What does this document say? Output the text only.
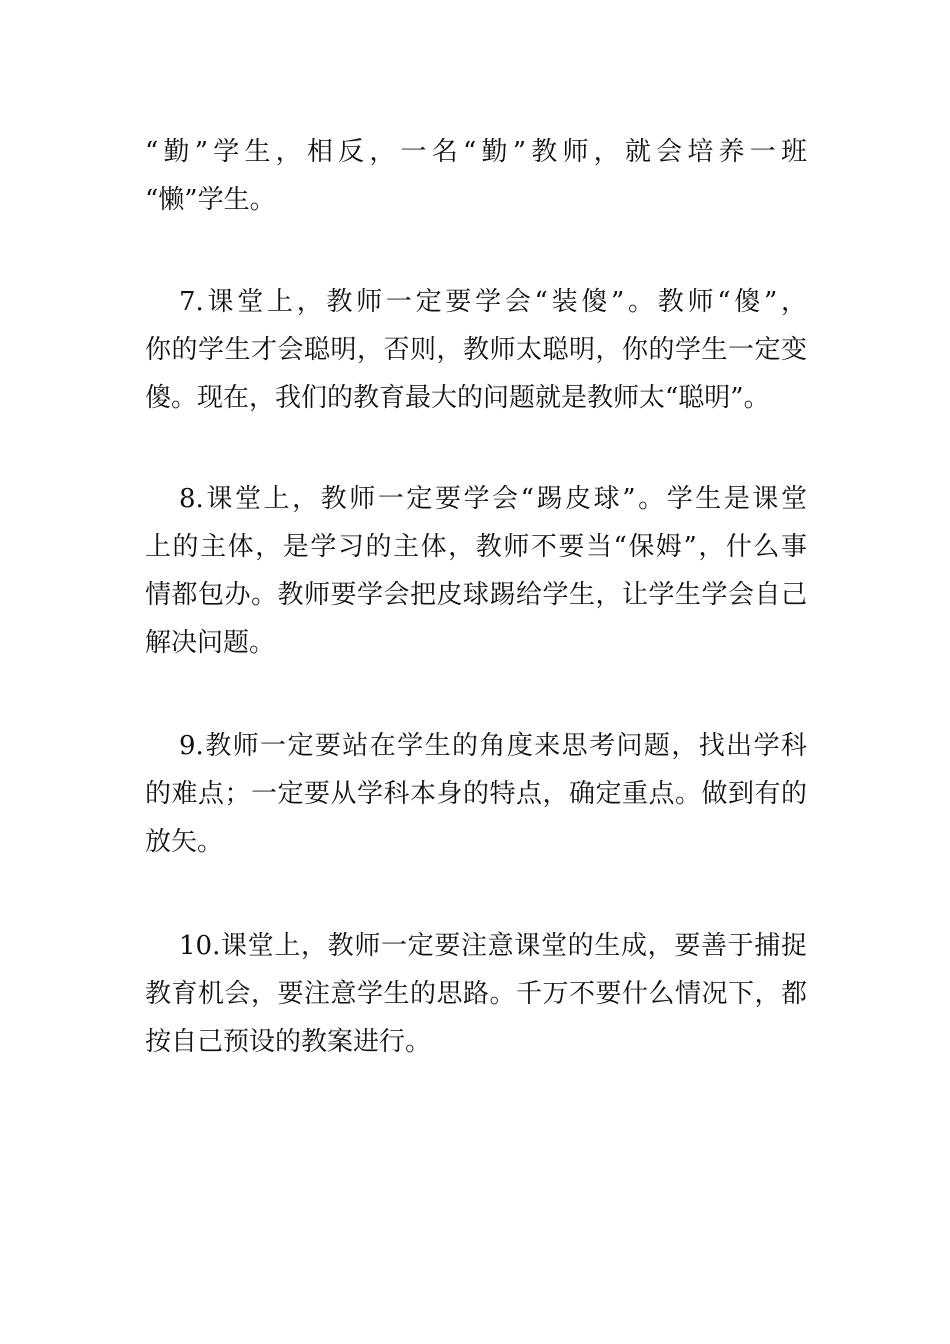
“勤”学生，相反，一名“勤”教师，就会培养一班
“懒”学生。
7.课堂上，教师一定要学会“装傻”。教师“傻”，
你的学生才会聪明，否则，教师太聪明，你的学生一定变
傻。现在，我们的教育最大的问题就是教师太“聪明”。
8.课堂上，教师一定要学会“踢皮球”。学生是课堂
上的主体，是学习的主体，教师不要当“保姆”，什么事
情都包办。教师要学会把皮球踢给学生，让学生学会自己
解决问题。
9.教师一定要站在学生的角度来思考问题，找出学科
的难点；一定要从学科本身的特点，确定重点。做到有的
放矢。
10.课堂上，教师一定要注意课堂的生成，要善于捕捉
教育机会，要注意学生的思路。千万不要什么情况下，都
按自己预设的教案进行。
